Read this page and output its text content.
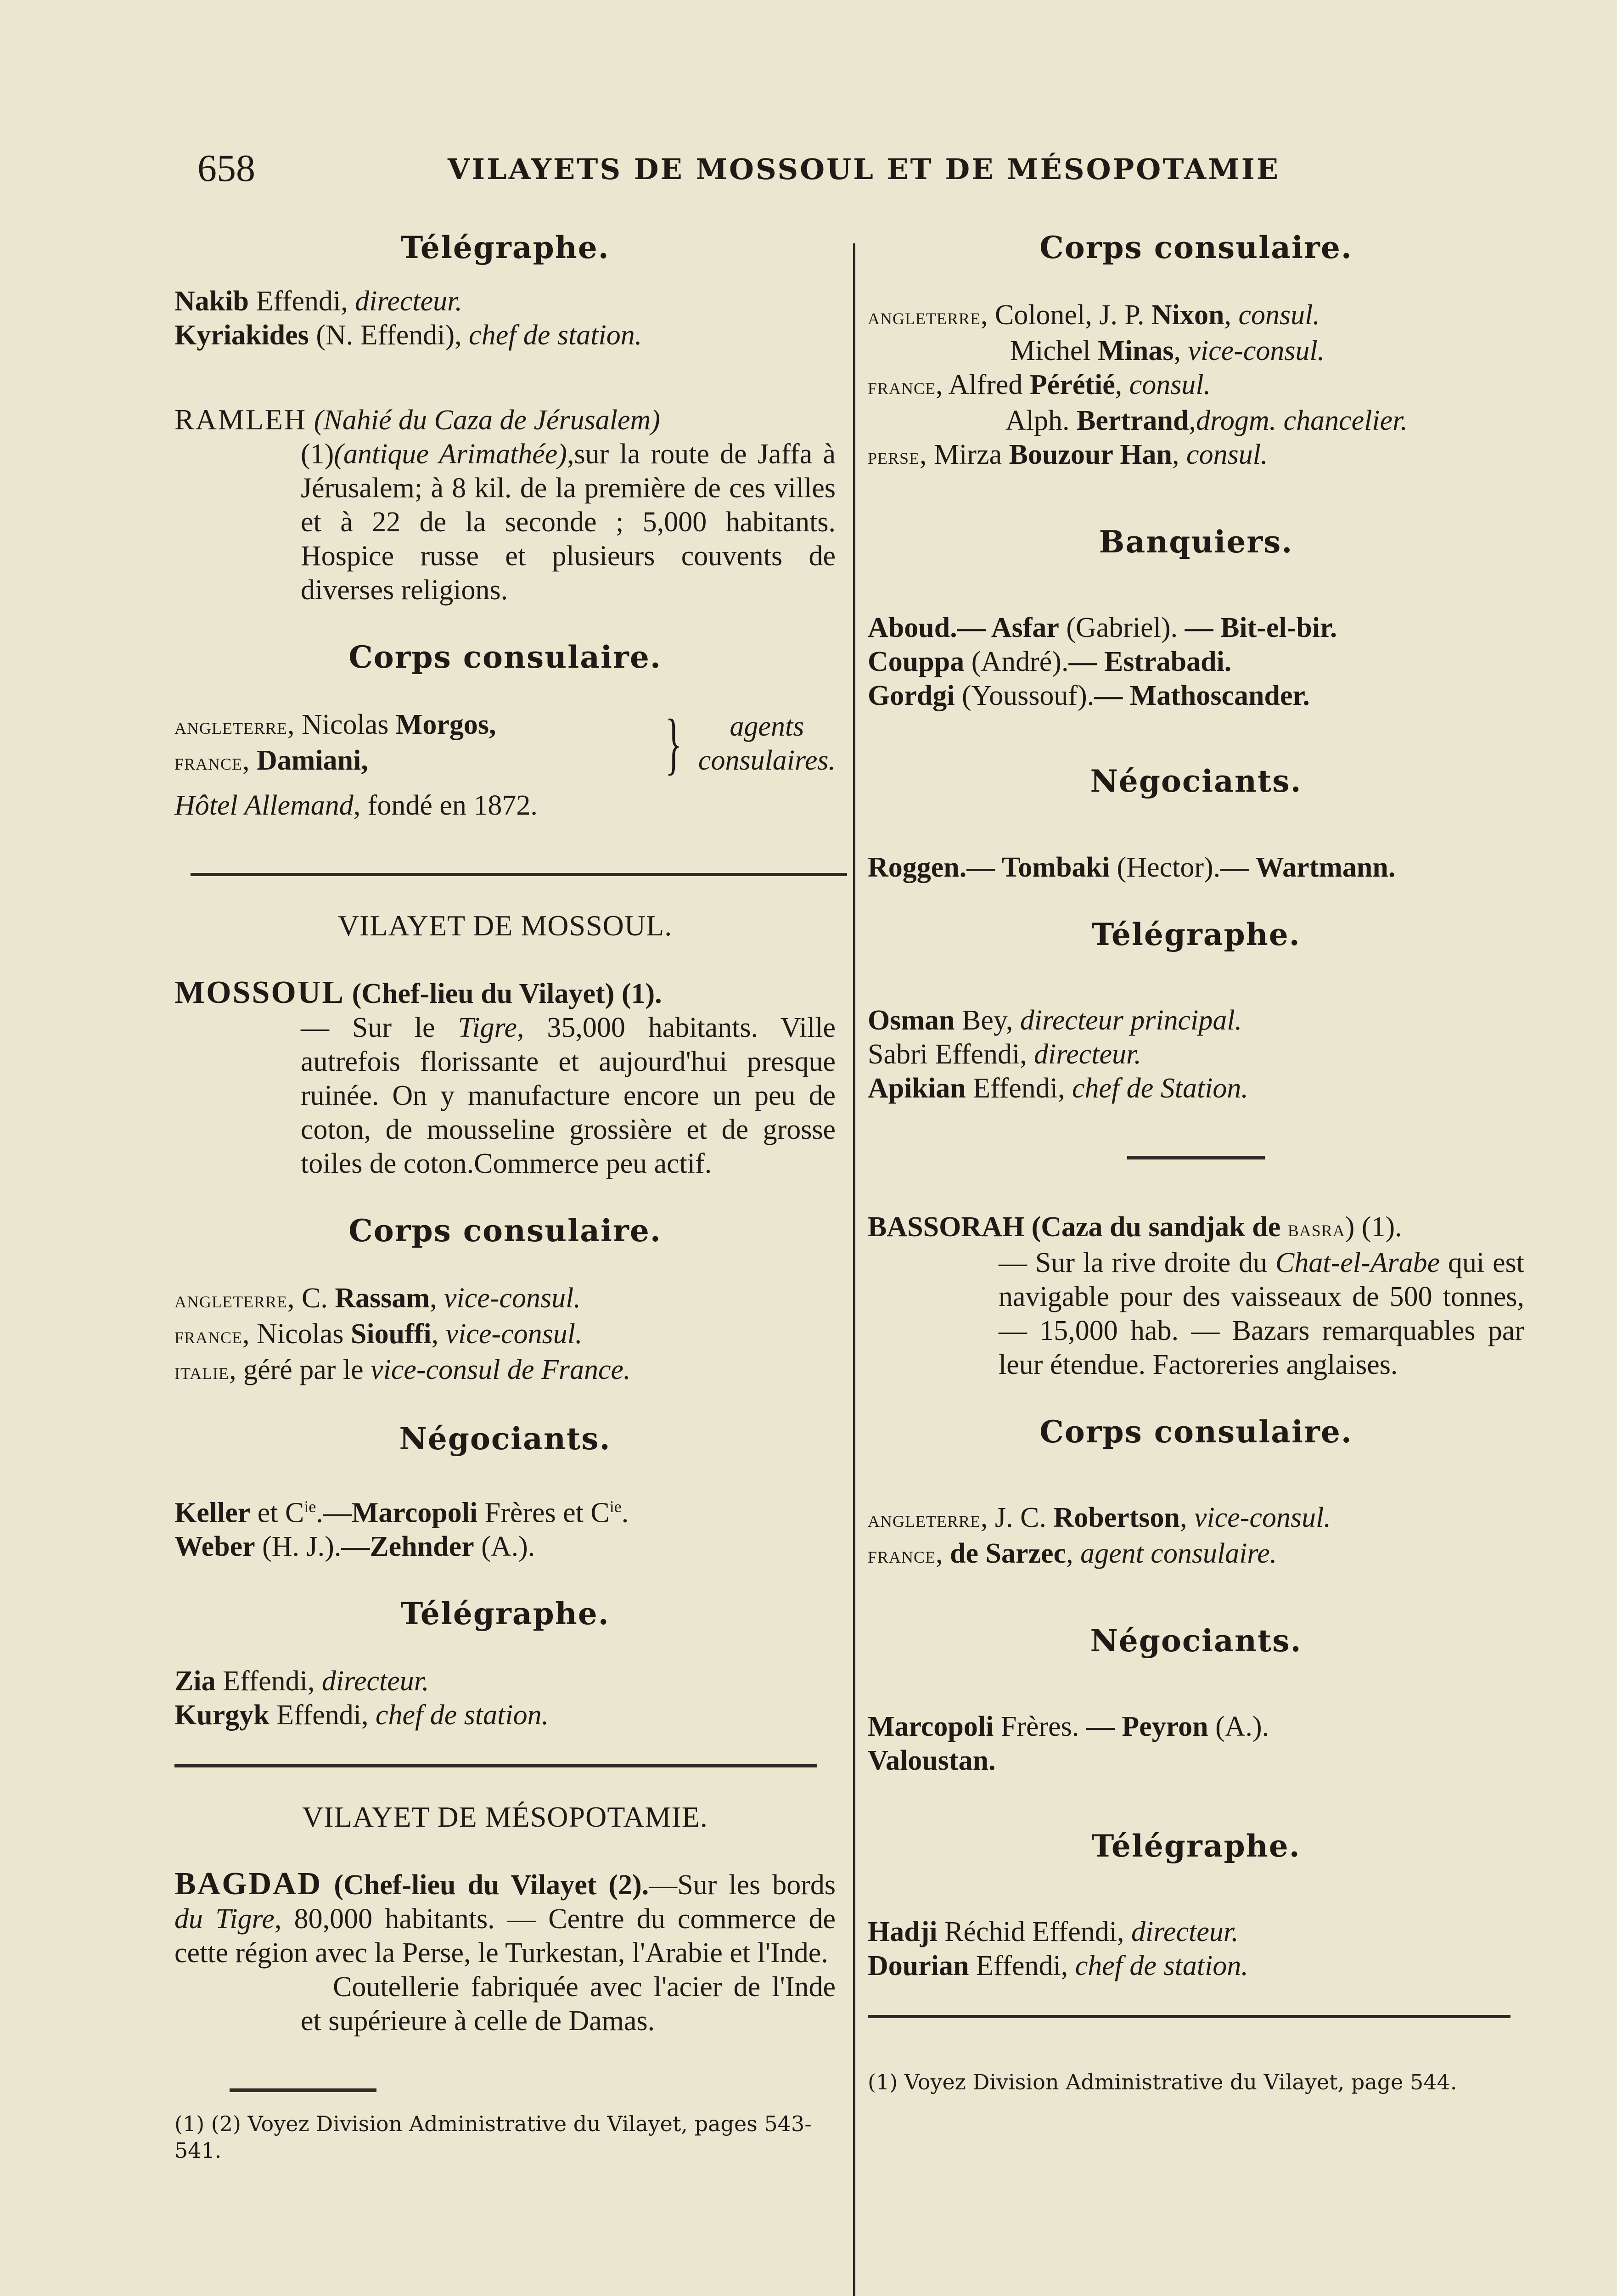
658	VILAYETS DE MOSSOUL ET DE MÉSOPOTAMIE
Télégraphe.
Nakib Effendi, directeur.
Kyriakides (N. Effendi), chef de station.
RAMLEH (Nahié du Caza de Jérusalem)
(1)(antique Arimathée),sur la route de Jaffa à Jérusalem; à 8 kil. de la première de ces villes et à 22 de la seconde ; 5,000 habitants. Hospice russe et plusieurs couvents de diverses religions.
Corps consulaire.
angleterre, Nicolas Morgos,
france, Damiani,	}	agents
consulaires.
Hôtel Allemand, fondé en 1872.
VILAYET DE MOSSOUL.
MOSSOUL (Chef-lieu du Vilayet) (1).
— Sur le Tigre, 35,000 habitants. Ville autrefois florissante et aujourd'hui presque ruinée. On y manufacture encore un peu de coton, de mousseline grossière et de grosse toiles de coton.Commerce peu actif.
Corps consulaire.
angleterre, C. Rassam, vice-consul.
france, Nicolas Siouffi, vice-consul.
italie, géré par le vice-consul de France.
Négociants.
Keller et $C^{ie}.—Marcopoli$ Frères et $C^{ie}$.
Weber (H. J.).—Zehnder (A.).
Télégraphe.
Zia Effendi, directeur.
Kurgyk Effendi, chef de station.
VILAYET DE MÉSOPOTAMIE.
BAGDAD (Chef-lieu du Vilayet (2).—Sur les bords du Tigre, 80,000 habitants. — Centre du commerce de cette région avec la Perse, le Turkestan, l'Arabie et l'Inde.
Coutellerie fabriquée avec l'acier de l'Inde et supérieure à celle de Damas.
(1) (2) Voyez Division Administrative du Vilayet, pages 543-541.
Corps consulaire.
angleterre, Colonel, J. P. Nixon, consul.
Michel Minas, vice-consul.
france, Alfred Pérétié, consul.
Alph. Bertrand,drogm. chancelier.
perse, Mirza Bouzour Han, consul.
Banquiers.
Aboud.— Asfar (Gabriel). — Bit-el-bir.
Couppa (André).— Estrabadi.
Gordgi (Youssouf).— Mathoscander.
Négociants.
Roggen.— Tombaki (Hector).— Wartmann.
Télégraphe.
Osman Bey, directeur principal.
Sabri Effendi, directeur.
Apikian Effendi, chef de Station.
BASSORAH (Caza du sandjak de basra) (1).
— Sur la rive droite du Chat-el-Arabe qui est navigable pour des vaisseaux de 500 tonnes, — 15,000 hab. — Bazars remarquables par leur étendue. Factoreries anglaises.
Corps consulaire.
angleterre, J. C. Robertson, vice-consul.
france, de Sarzec, agent consulaire.
Négociants.
Marcopoli Frères. — Peyron (A.).
Valoustan.
Télégraphe.
Hadji Réchid Effendi, directeur.
Dourian Effendi, chef de station.
(1) Voyez Division Administrative du Vilayet, page 544.
